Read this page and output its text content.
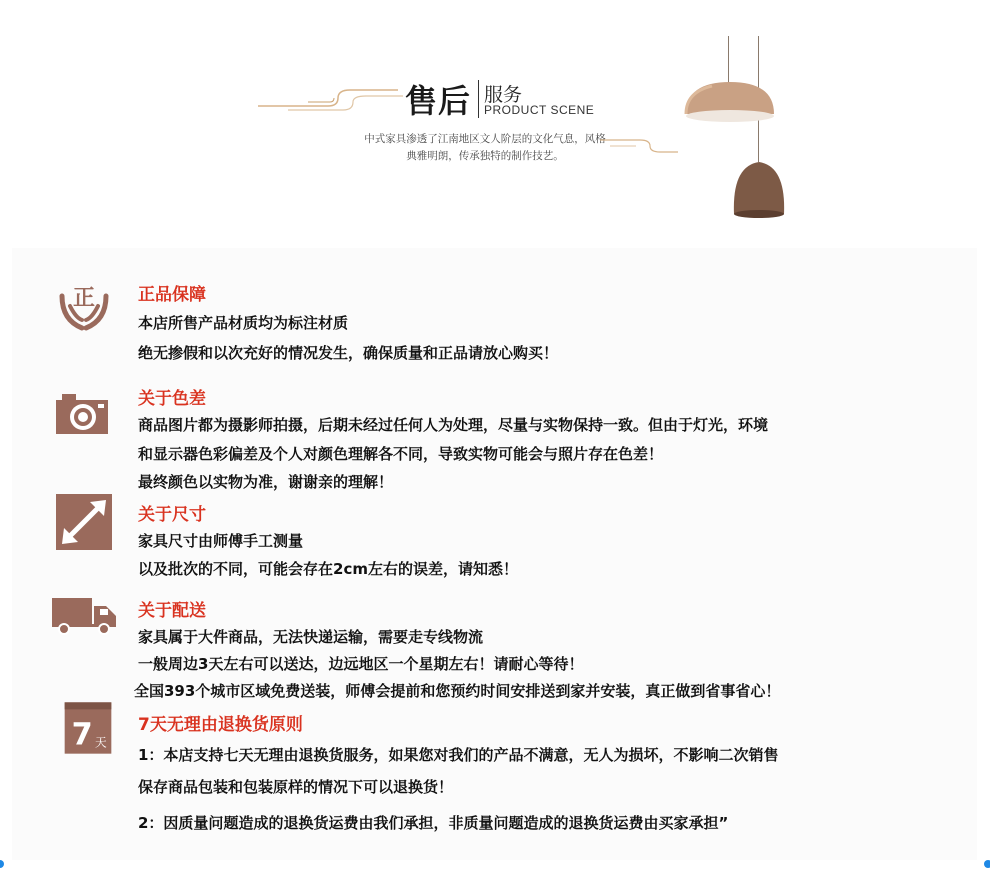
售后 服务
PRODUCT SCENE
中式家具渗透了江南地区文人阶层的文化气息，风格
典雅明朗，传承独特的制作技艺。
正	正品保障
本店所售产品材质均为标注材质
绝无掺假和以次充好的情况发生，确保质量和正品请放心购买！
关于色差
商品图片都为摄影师拍摄，后期未经过任何人为处理，尽量与实物保持一致。但由于灯光，环境
和显示器色彩偏差及个人对颜色理解各不同，导致实物可能会与照片存在色差！
最终颜色以实物为准，谢谢亲的理解！
关于尺寸
家具尺寸由师傅手工测量
以及批次的不同，可能会存在2cm左右的误差，请知悉！
关于配送
家具属于大件商品，无法快递运输，需要走专线物流
一般周边3天左右可以送达，边远地区一个星期左右！请耐心等待！
全国393个城市区域免费送装，师傅会提前和您预约时间安排送到家并安装，真正做到省事省心！
7 天
7天无理由退换货原则
1：本店支持七天无理由退换货服务，如果您对我们的产品不满意，无人为损坏，不影响二次销售
保存商品包装和包装原样的情况下可以退换货！
2：因质量问题造成的退换货运费由我们承担，非质量问题造成的退换货运费由买家承担”
